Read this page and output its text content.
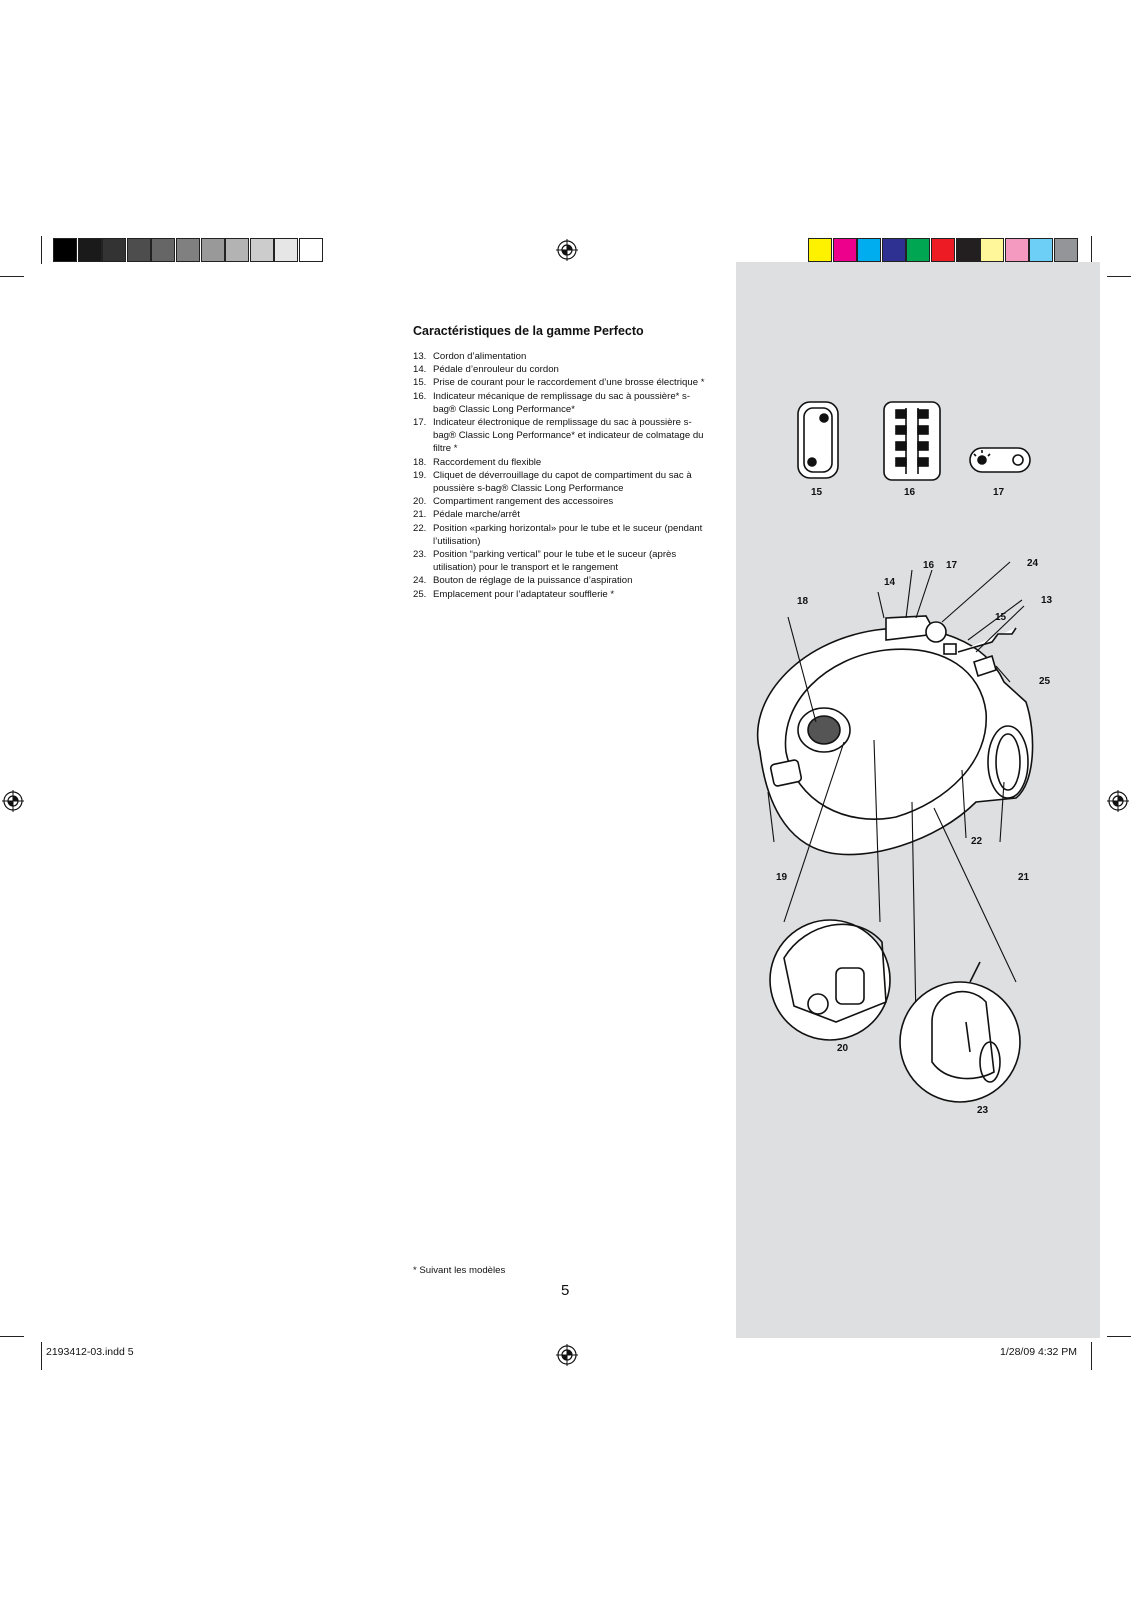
Caractéristiques de la gamme Perfecto
13. Cordon d’alimentation
14. Pédale d’enrouleur du cordon
15. Prise de courant pour le raccordement d’une brosse électrique *
16. Indicateur mécanique de remplissage du sac à poussière* s-bag® Classic Long Performance*
17. Indicateur électronique de remplissage du sac à poussière s-bag® Classic Long Performance* et indicateur de colmatage du filtre *
18. Raccordement du flexible
19. Cliquet de déverrouillage du capot de compartiment du sac à poussière s-bag® Classic Long Performance
20. Compartiment rangement des accessoires
21. Pédale marche/arrêt
22. Position «parking horizontal» pour le tube et le suceur (pendant l’utilisation)
23. Position “parking vertical” pour le tube et le suceur (après utilisation) pour le transport et le rangement
24. Bouton de réglage de la puissance d’aspiration
25. Emplacement pour l’adaptateur soufflerie *
15	16	17
16 17	24
14
18	13
15
25
22
19	21
20
23
* Suivant les modèles
5
2193412-03.indd 5	1/28/09 4:32 PM
